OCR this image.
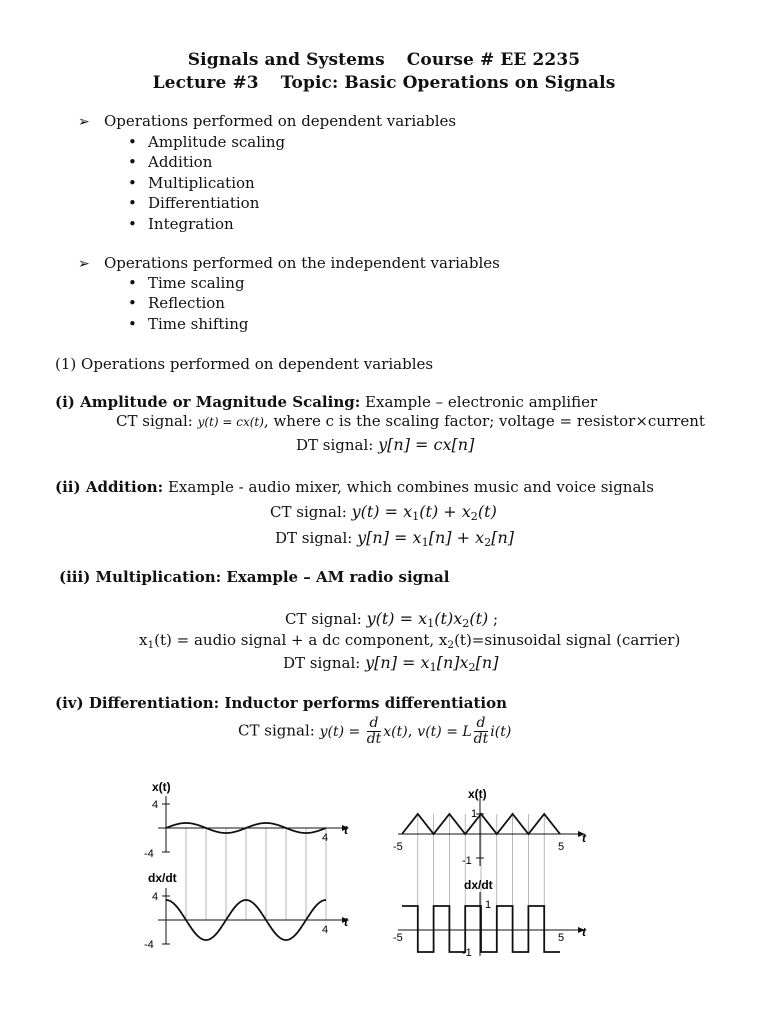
Signals and Systems Course # EE 2235
Lecture #3 Topic: Basic Operations on Signals
➢ Operations performed on dependent variables
• Amplitude scaling
• Addition
• Multiplication
• Differentiation
• Integration
➢ Operations performed on the independent variables
• Time scaling
• Reflection
• Time shifting
(1) Operations performed on dependent variables
(i) Amplitude or Magnitude Scaling: Example – electronic amplifier
CT signal: y(t) = cx(t), where c is the scaling factor; voltage = resistor×current
DT signal: y[n] = cx[n]
(ii) Addition: Example - audio mixer, which combines music and voice signals
CT signal: $y(t) = x_1(t) + x_2(t)$
DT signal: $y[n] = x_1[n] + x_2[n]$
(iii) Multiplication: Example – AM radio signal
CT signal: $y(t) = x_1(t)x_2(t)$ ;
$x_1(t)$ = audio signal + a dc component, $x_2(t)=sinusoidal$ signal (carrier)
DT signal: $y[n] = x_1[n]x_2[n]$
(iv) Differentiation: Inductor performs differentiation
CT signal: $y(t) = \frac{d}{dt} x(t)$, v(t) = L $\frac{d}{dt} i(t)$
x(t)
4
-4
4
t
dx/dt
4
-4
4
t
x(t)
1
-1
-5	5
t
dx/dt
1
-1
-5	5 t
